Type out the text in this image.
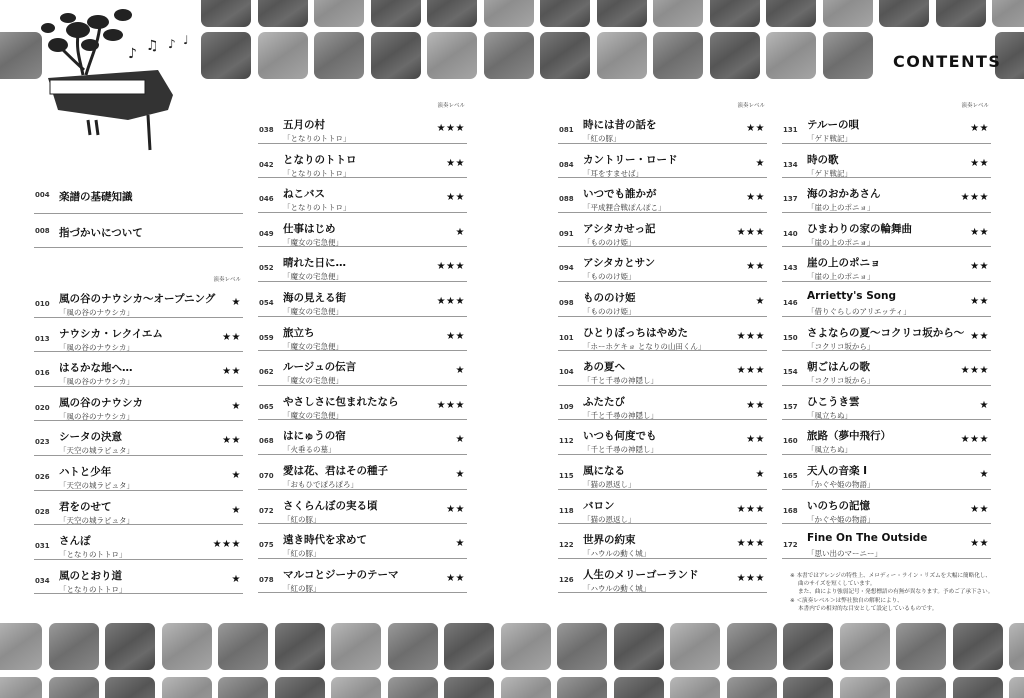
♪ ♫ ♪ ♩
CONTENTS
004 楽譜の基礎知識
008 指づかいについて
010 風の谷のナウシカ～オープニング
「風の谷のナウシカ」
★
演奏レベル
013 ナウシカ・レクイエム
「風の谷のナウシカ」
★★
016 はるかな地へ…
「風の谷のナウシカ」
★★
020 風の谷のナウシカ
「風の谷のナウシカ」
★
023 シータの決意
「天空の城ラピュタ」
★★
026 ハトと少年
「天空の城ラピュタ」
★
028 君をのせて
「天空の城ラピュタ」
★
031 さんぽ
「となりのトトロ」
★★★
034 風のとおり道
「となりのトトロ」
★
038 五月の村
「となりのトトロ」
★★★
演奏レベル
042 となりのトトロ
「となりのトトロ」
★★
046 ねこバス
「となりのトトロ」
★★
049 仕事はじめ
「魔女の宅急便」
★
052 晴れた日に…
「魔女の宅急便」
★★★
054 海の見える街
「魔女の宅急便」
★★★
059 旅立ち
「魔女の宅急便」
★★
062 ルージュの伝言
「魔女の宅急便」
★
065 やさしさに包まれたなら
「魔女の宅急便」
★★★
068 はにゅうの宿
「火垂るの墓」
★
070 愛は花、君はその種子
「おもひでぽろぽろ」
★
072 さくらんぼの実る頃
「紅の豚」
★★
075 遠き時代を求めて
「紅の豚」
★
078 マルコとジーナのテーマ
「紅の豚」
★★
081 時には昔の話を
「紅の豚」
★★
演奏レベル
084 カントリー・ロード
「耳をすませば」
★
088 いつでも誰かが
「平成狸合戦ぽんぽこ」
★★
091 アシタカせっ記
「もののけ姫」
★★★
094 アシタカとサン
「もののけ姫」
★★
098 もののけ姫
「もののけ姫」
★
101 ひとりぼっちはやめた
「ホーホケキョ となりの山田くん」
★★★
104 あの夏へ
「千と千尋の神隠し」
★★★
109 ふたたび
「千と千尋の神隠し」
★★
112 いつも何度でも
「千と千尋の神隠し」
★★
115 風になる
「猫の恩返し」
★
118 バロン
「猫の恩返し」
★★★
122 世界の約束
「ハウルの動く城」
★★★
126 人生のメリーゴーランド
「ハウルの動く城」
★★★
131 テルーの唄
「ゲド戦記」
★★
演奏レベル
134 時の歌
「ゲド戦記」
★★
137 海のおかあさん
「崖の上のポニョ」
★★★
140 ひまわりの家の輪舞曲
「崖の上のポニョ」
★★
143 崖の上のポニョ
「崖の上のポニョ」
★★
146
Arrietty's Song
「借りぐらしのアリエッティ」
★★
150 さよならの夏～コクリコ坂から～
「コクリコ坂から」
★★
154 朝ごはんの歌
「コクリコ坂から」
★★★
157 ひこうき雲
「風立ちぬ」
★
160 旅路（夢中飛行）
「風立ちぬ」
★★★
165 天人の音楽 I
「かぐや姫の物語」
★
168 いのちの記憶
「かぐや姫の物語」
★★
172
Fine On The Outside
「思い出のマーニー」
★★

※ 本書ではアレンジの特性上、メロディー・ライン・リズムを大幅に簡略化し、

曲のサイズを短くしています。

また、曲により強弱記号・発想標語の有無が異なります。予めご了承下さい。

※ ＜演奏レベル＞は弊社独自の解釈により、

本書内での相対的な目安として設定しているものです。
